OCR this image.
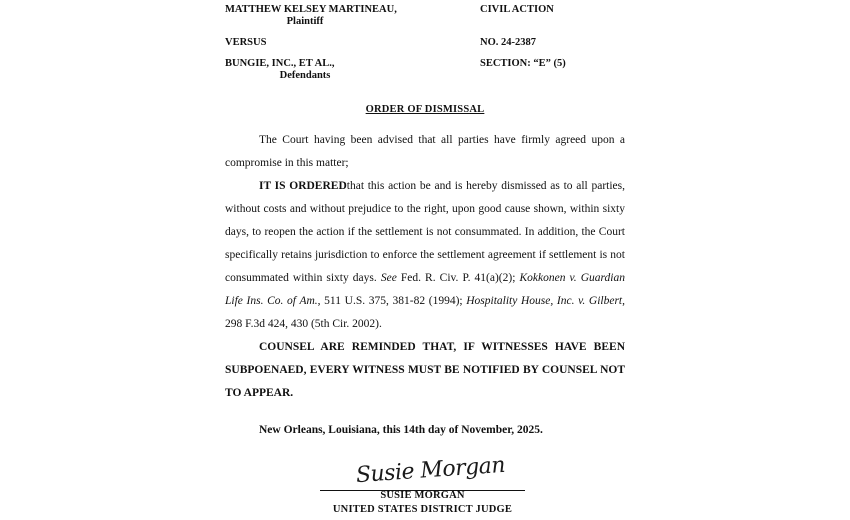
MATTHEW KELSEY MARTINEAU,
Plaintiff
CIVIL ACTION
VERSUS	NO. 24-2387
BUNGIE, INC., ET AL.,
Defendants
SECTION: “E” (5)
ORDER OF DISMISSAL

The Court having been advised that all parties have firmly agreed upon a compromise in this matter;

IT IS ORDEREDthat this action be and is hereby dismissed as to all parties, without costs and without prejudice to the right, upon good cause shown, within sixty days, to reopen the action if the settlement is not consummated. In addition, the Court specifically retains jurisdiction to enforce the settlement agreement if settlement is not consummated within sixty days. See Fed. R. Civ. P. 41(a)(2); Kokkonen v. Guardian Life Ins. Co. of Am., 511 U.S. 375, 381-82 (1994); Hospitality House, Inc. v. Gilbert, 298 F.3d 424, 430 (5th Cir. 2002).

COUNSEL ARE REMINDED THAT, IF WITNESSES HAVE BEEN SUBPOENAED, EVERY WITNESS MUST BE NOTIFIED BY COUNSEL NOT TO APPEAR.

New Orleans, Louisiana, this 14th day of November, 2025.

Susie Morgan
SUSIE MORGAN
UNITED STATES DISTRICT JUDGE
